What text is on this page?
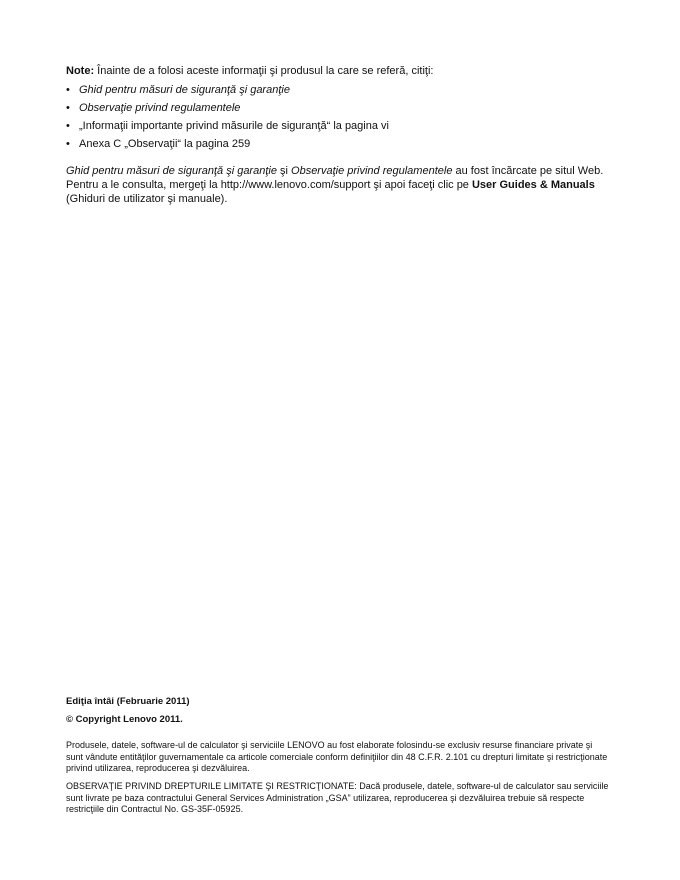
Note: Înainte de a folosi aceste informaţii şi produsul la care se referă, citiţi:

• Ghid pentru măsuri de siguranţă şi garanţie
• Observaţie privind regulamentele
• „Informaţii importante privind măsurile de siguranţă“ la pagina vi
• Anexa C „Observaţii“ la pagina 259

Ghid pentru măsuri de siguranţă şi garanţie şi Observaţie privind regulamentele au fost încărcate pe situl Web. Pentru a le consulta, mergeţi la http://www.lenovo.com/support şi apoi faceţi clic pe User Guides & Manuals (Ghiduri de utilizator şi manuale).

Ediţia întâi (Februarie 2011)
© Copyright Lenovo 2011.

Produsele, datele, software-ul de calculator şi serviciile LENOVO au fost elaborate folosindu-se exclusiv resurse financiare private şi sunt vândute entităţilor guvernamentale ca articole comerciale conform definiţiilor din 48 C.F.R. 2.101 cu drepturi limitate şi restricţionate privind utilizarea, reproducerea şi dezvăluirea.

OBSERVAŢIE PRIVIND DREPTURILE LIMITATE ŞI RESTRICŢIONATE: Dacă produsele, datele, software-ul de calculator sau serviciile sunt livrate pe baza contractului General Services Administration „GSA” utilizarea, reproducerea şi dezvăluirea trebuie să respecte restricţiile din Contractul No. GS-35F-05925.
